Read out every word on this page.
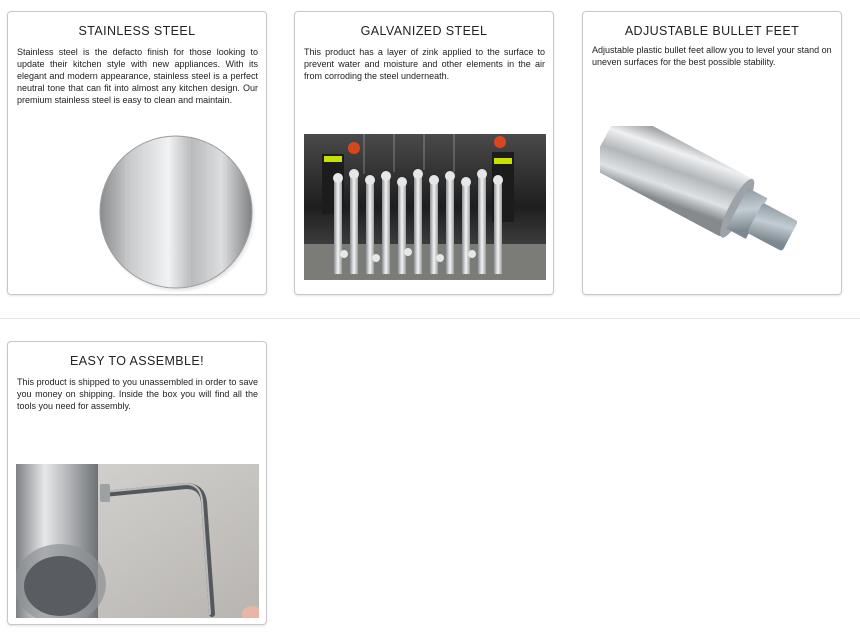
STAINLESS STEEL
Stainless steel is the defacto finish for those looking to update their kitchen style with new appliances. With its elegant and modern appearance, stainless steel is a perfect neutral tone that can fit into almost any kitchen design. Our premium stainless steel is easy to clean and maintain.
GALVANIZED STEEL
This product has a layer of zink applied to the surface to prevent water and moisture and other elements in the air from corroding the steel underneath.
ADJUSTABLE BULLET FEET
Adjustable plastic bullet feet allow you to level your stand on uneven surfaces for the best possible stability.
EASY TO ASSEMBLE!
This product is shipped to you unassembled in order to save you money on shipping. Inside the box you will find all the tools you need for assembly.
